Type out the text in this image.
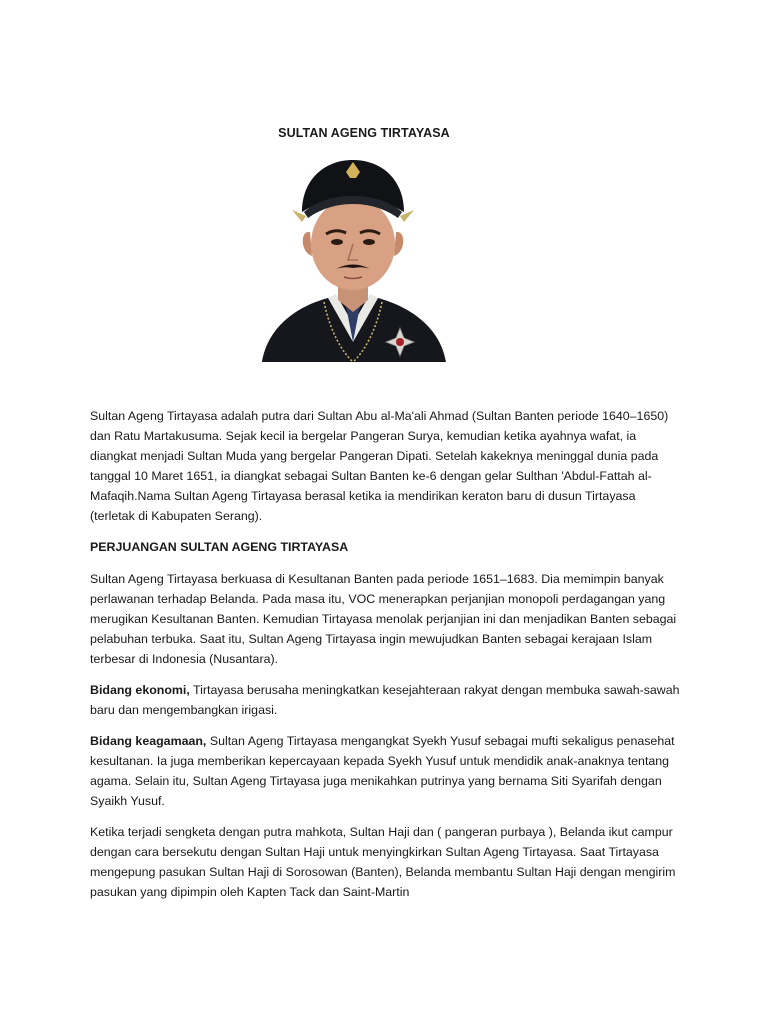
SULTAN AGENG TIRTAYASA

Sultan Ageng Tirtayasa adalah putra dari Sultan Abu al-Ma'ali Ahmad (Sultan Banten periode 1640–1650) dan Ratu Martakusuma. Sejak kecil ia bergelar Pangeran Surya, kemudian ketika ayahnya wafat, ia diangkat menjadi Sultan Muda yang bergelar Pangeran Dipati. Setelah kakeknya meninggal dunia pada tanggal 10 Maret 1651, ia diangkat sebagai Sultan Banten ke-6 dengan gelar Sulthan 'Abdul-Fattah al-Mafaqih.Nama Sultan Ageng Tirtayasa berasal ketika ia mendirikan keraton baru di dusun Tirtayasa (terletak di Kabupaten Serang).

PERJUANGAN SULTAN AGENG TIRTAYASA

Sultan Ageng Tirtayasa berkuasa di Kesultanan Banten pada periode 1651–1683. Dia memimpin banyak perlawanan terhadap Belanda. Pada masa itu, VOC menerapkan perjanjian monopoli perdagangan yang merugikan Kesultanan Banten. Kemudian Tirtayasa menolak perjanjian ini dan menjadikan Banten sebagai pelabuhan terbuka. Saat itu, Sultan Ageng Tirtayasa ingin mewujudkan Banten sebagai kerajaan Islam terbesar di Indonesia (Nusantara).

Bidang ekonomi, Tirtayasa berusaha meningkatkan kesejahteraan rakyat dengan membuka sawah-sawah baru dan mengembangkan irigasi.

Bidang keagamaan, Sultan Ageng Tirtayasa mengangkat Syekh Yusuf sebagai mufti sekaligus penasehat kesultanan. Ia juga memberikan kepercayaan kepada Syekh Yusuf untuk mendidik anak-anaknya tentang agama. Selain itu, Sultan Ageng Tirtayasa juga menikahkan putrinya yang bernama Siti Syarifah dengan Syaikh Yusuf.

Ketika terjadi sengketa dengan putra mahkota, Sultan Haji dan ( pangeran purbaya ), Belanda ikut campur dengan cara bersekutu dengan Sultan Haji untuk menyingkirkan Sultan Ageng Tirtayasa. Saat Tirtayasa mengepung pasukan Sultan Haji di Sorosowan (Banten), Belanda membantu Sultan Haji dengan mengirim pasukan yang dipimpin oleh Kapten Tack dan Saint-Martin
